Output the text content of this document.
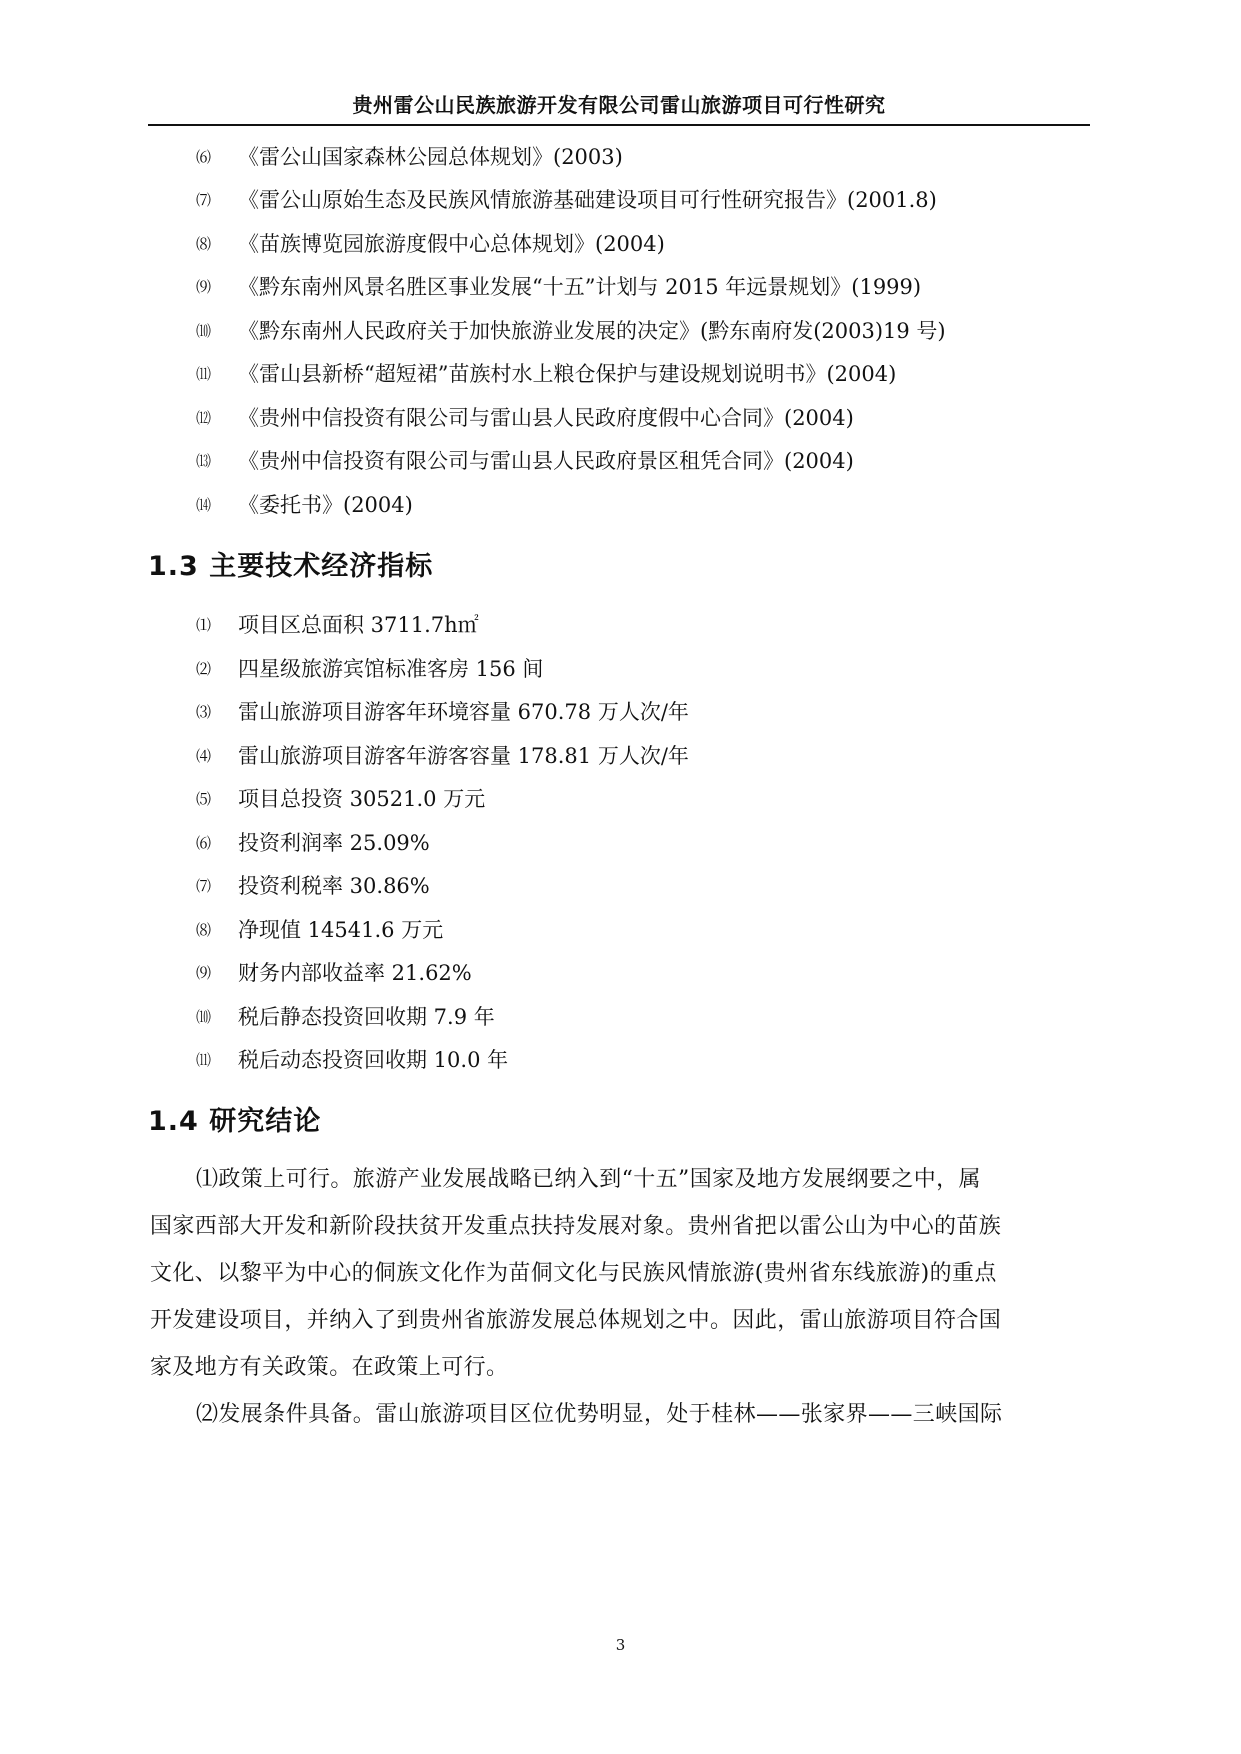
贵州雷公山民族旅游开发有限公司雷山旅游项目可行性研究
⑹	《雷公山国家森林公园总体规划》(2003)
⑺	《雷公山原始生态及民族风情旅游基础建设项目可行性研究报告》(2001.8)
⑻	《苗族博览园旅游度假中心总体规划》(2004)
⑼	《黔东南州风景名胜区事业发展“十五”计划与 2015 年远景规划》(1999)
⑽	《黔东南州人民政府关于加快旅游业发展的决定》(黔东南府发(2003)19 号)
⑾	《雷山县新桥“超短裙”苗族村水上粮仓保护与建设规划说明书》(2004)
⑿	《贵州中信投资有限公司与雷山县人民政府度假中心合同》(2004)
⒀	《贵州中信投资有限公司与雷山县人民政府景区租凭合同》(2004)
⒁	《委托书》(2004)
1.3 主要技术经济指标
⑴	项目区总面积 3711.7h㎡
⑵	四星级旅游宾馆标准客房 156 间
⑶	雷山旅游项目游客年环境容量 670.78 万人次/年
⑷	雷山旅游项目游客年游客容量 178.81 万人次/年
⑸	项目总投资 30521.0 万元
⑹	投资利润率 25.09%
⑺	投资利税率 30.86%
⑻	净现值 14541.6 万元
⑼	财务内部收益率 21.62%
⑽	税后静态投资回收期 7.9 年
⑾	税后动态投资回收期 10.0 年
1.4 研究结论
⑴政策上可行。旅游产业发展战略已纳入到“十五”国家及地方发展纲要之中，属
国家西部大开发和新阶段扶贫开发重点扶持发展对象。贵州省把以雷公山为中心的苗族
文化、以黎平为中心的侗族文化作为苗侗文化与民族风情旅游(贵州省东线旅游)的重点
开发建设项目，并纳入了到贵州省旅游发展总体规划之中。因此，雷山旅游项目符合国
家及地方有关政策。在政策上可行。
⑵发展条件具备。雷山旅游项目区位优势明显，处于桂林——张家界——三峡国际
3
